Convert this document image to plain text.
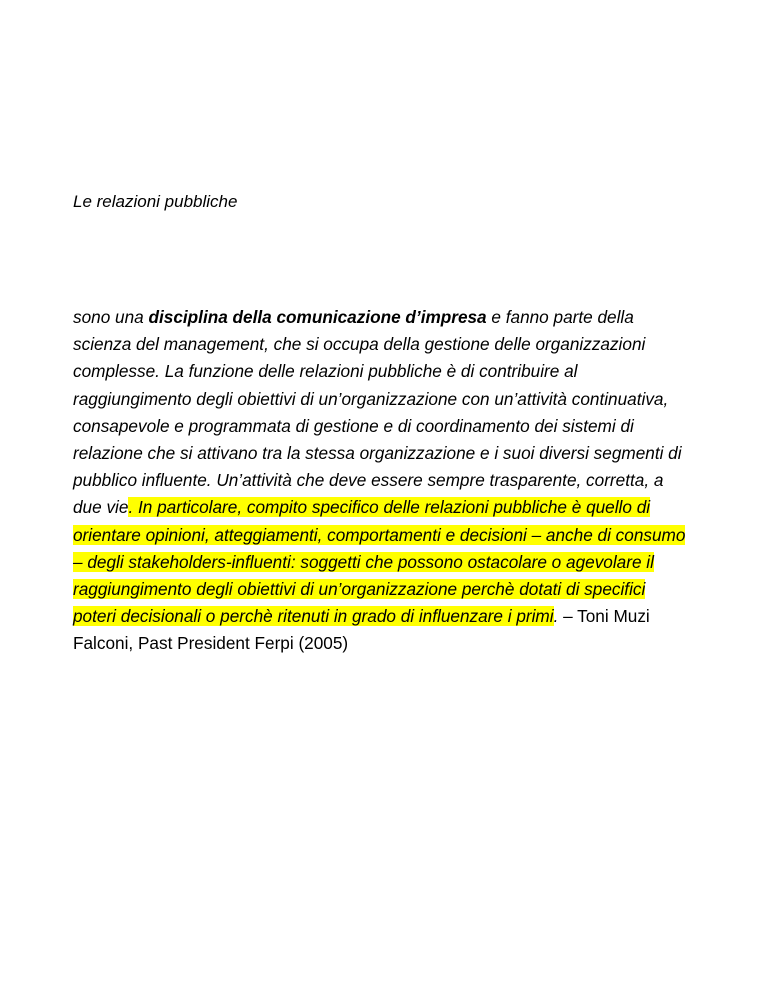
Le relazioni pubbliche

sono una disciplina della comunicazione d’impresa e fanno parte della scienza del management, che si occupa della gestione delle organizzazioni complesse. La funzione delle relazioni pubbliche è di contribuire al raggiungimento degli obiettivi di un’organizzazione con un’attività continuativa, consapevole e programmata di gestione e di coordinamento dei sistemi di relazione che si attivano tra la stessa organizzazione e i suoi diversi segmenti di pubblico influente. Un’attività che deve essere sempre trasparente, corretta, a due vie. In particolare, compito specifico delle relazioni pubbliche è quello di orientare opinioni, atteggiamenti, comportamenti e decisioni – anche di consumo – degli stakeholders-influenti: soggetti che possono ostacolare o agevolare il raggiungimento degli obiettivi di un’organizzazione perchè dotati di specifici poteri decisionali o perchè ritenuti in grado di influenzare i primi. – Toni Muzi Falconi, Past President Ferpi (2005)
